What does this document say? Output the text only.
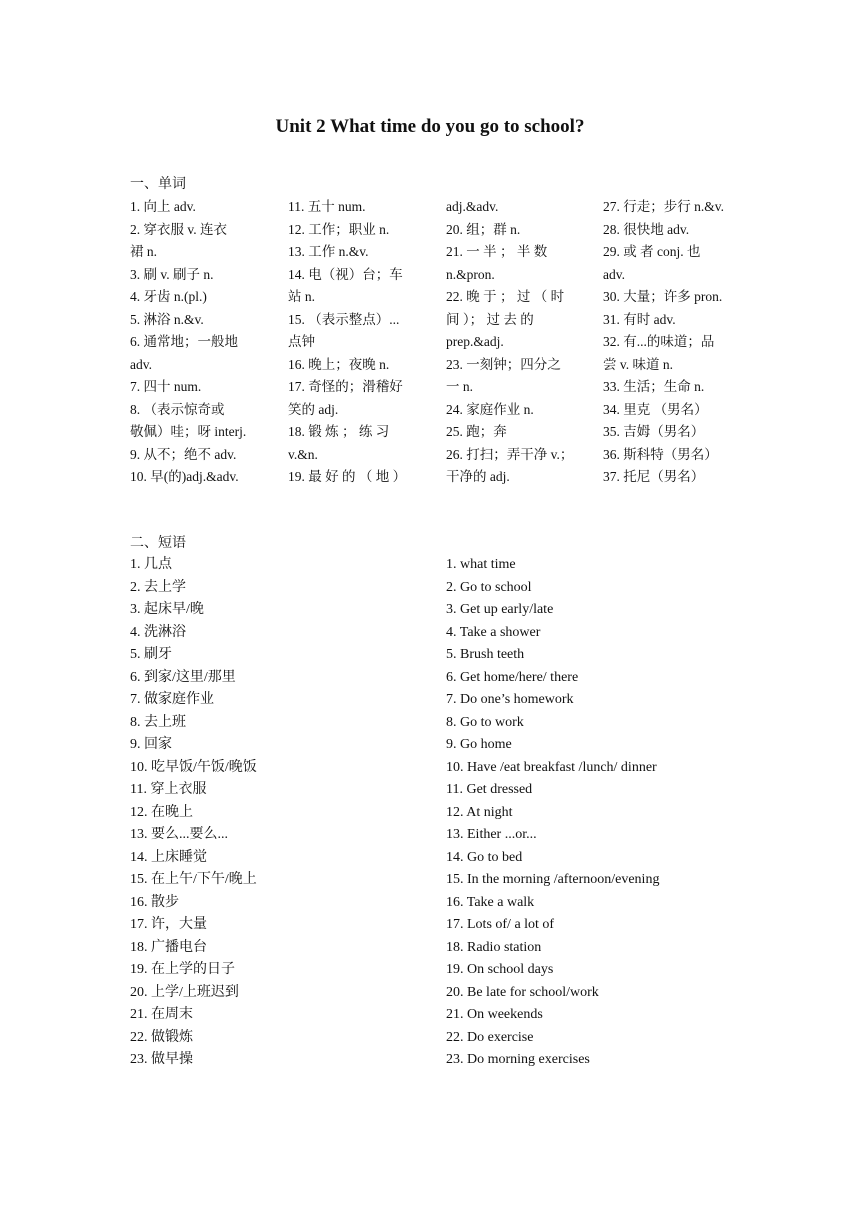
Unit 2 What time do you go to school?
一、单词
1. 向上 adv.
2. 穿衣服 v. 连衣
裙 n.
3. 刷 v. 刷子 n.
4. 牙齿 n.(pl.)
5. 淋浴 n.&v.
6. 通常地；一般地
adv.
7. 四十 num.
8. （表示惊奇或
敬佩）哇；呀 interj.
9. 从不；绝不 adv.
10. 早(的)adj.&adv.
11. 五十 num.
12. 工作；职业 n.
13. 工作 n.&v.
14. 电（视）台；车
站 n.
15. （表示整点）...
点钟
16. 晚上；夜晚 n.
17. 奇怪的；滑稽好
笑的 adj.
18. 锻 炼 ； 练 习
v.&n.
19. 最 好 的 （ 地 ）
adj.&adv.
20. 组；群 n.
21. 一 半 ； 半 数
n.&pron.
22. 晚 于 ； 过 （ 时
间 ）； 过 去 的
prep.&adj.
23. 一刻钟；四分之
一 n.
24. 家庭作业 n.
25. 跑；奔
26. 打扫；弄干净 v.；
干净的 adj.
27. 行走；步行 n.&v.
28. 很快地 adv.
29. 或 者 conj. 也
adv.
30. 大量；许多 pron.
31. 有时 adv.
32. 有...的味道；品
尝 v. 味道 n.
33. 生活；生命 n.
34. 里克 （男名）
35. 吉姆（男名）
36. 斯科特（男名）
37. 托尼（男名）
二、短语
1. 几点
2. 去上学
3. 起床早/晚
4. 洗淋浴
5. 刷牙
6. 到家/这里/那里
7. 做家庭作业
8. 去上班
9. 回家
10. 吃早饭/午饭/晚饭
11. 穿上衣服
12. 在晚上
13. 要么...要么...
14. 上床睡觉
15. 在上午/下午/晚上
16. 散步
17. 许，大量
18. 广播电台
19. 在上学的日子
20. 上学/上班迟到
21. 在周末
22. 做锻炼
23. 做早操
1. what time
2. Go to school
3. Get up early/late
4. Take a shower
5. Brush teeth
6. Get home/here/ there
7. Do one’s homework
8. Go to work
9. Go home
10. Have /eat breakfast /lunch/ dinner
11. Get dressed
12. At night
13. Either ...or...
14. Go to bed
15. In the morning /afternoon/evening
16. Take a walk
17. Lots of/ a lot of
18. Radio station
19. On school days
20. Be late for school/work
21. On weekends
22. Do exercise
23. Do morning exercises
